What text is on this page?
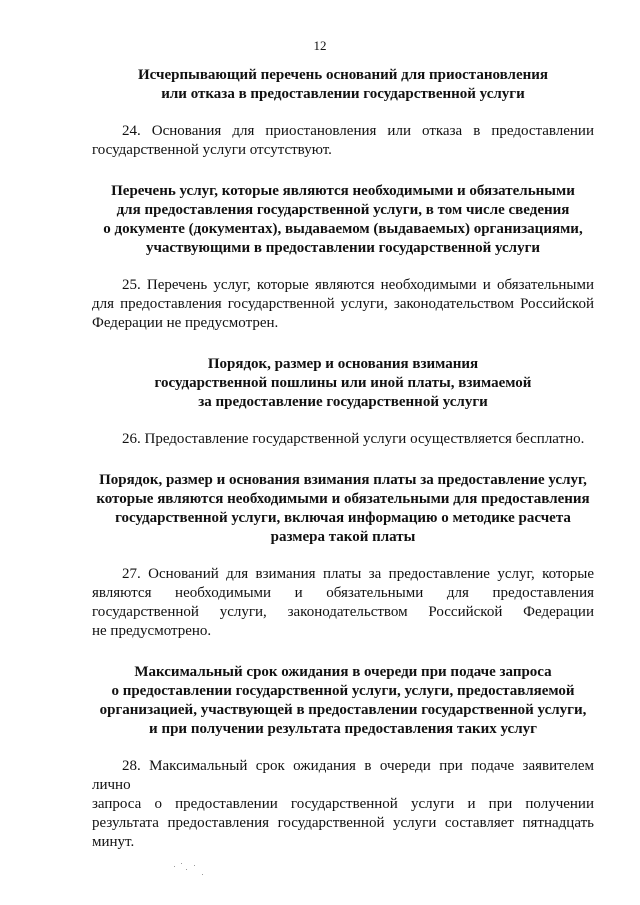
12
Исчерпывающий перечень оснований для приостановления
или отказа в предоставлении государственной услуги
24. Основания для приостановления или отказа в предоставлении
государственной услуги отсутствуют.
Перечень услуг, которые являются необходимыми и обязательными
для предоставления государственной услуги, в том числе сведения
о документе (документах), выдаваемом (выдаваемых) организациями,
участвующими в предоставлении государственной услуги
25. Перечень услуг, которые являются необходимыми и обязательными
для предоставления государственной услуги, законодательством Российской
Федерации не предусмотрен.
Порядок, размер и основания взимания
государственной пошлины или иной платы, взимаемой
за предоставление государственной услуги
26. Предоставление государственной услуги осуществляется бесплатно.
Порядок, размер и основания взимания платы за предоставление услуг,
которые являются необходимыми и обязательными для предоставления
государственной услуги, включая информацию о методике расчета
размера такой платы
27. Оснований для взимания платы за предоставление услуг, которые
являются необходимыми и обязательными для предоставления
государственной услуги, законодательством Российской Федерации
не предусмотрено.
Максимальный срок ожидания в очереди при подаче запроса
о предоставлении государственной услуги, услуги, предоставляемой
организацией, участвующей в предоставлении государственной услуги,
и при получении результата предоставления таких услуг
28. Максимальный срок ожидания в очереди при подаче заявителем лично
запроса о предоставлении государственной услуги и при получении
результата предоставления государственной услуги составляет пятнадцать
минут.
